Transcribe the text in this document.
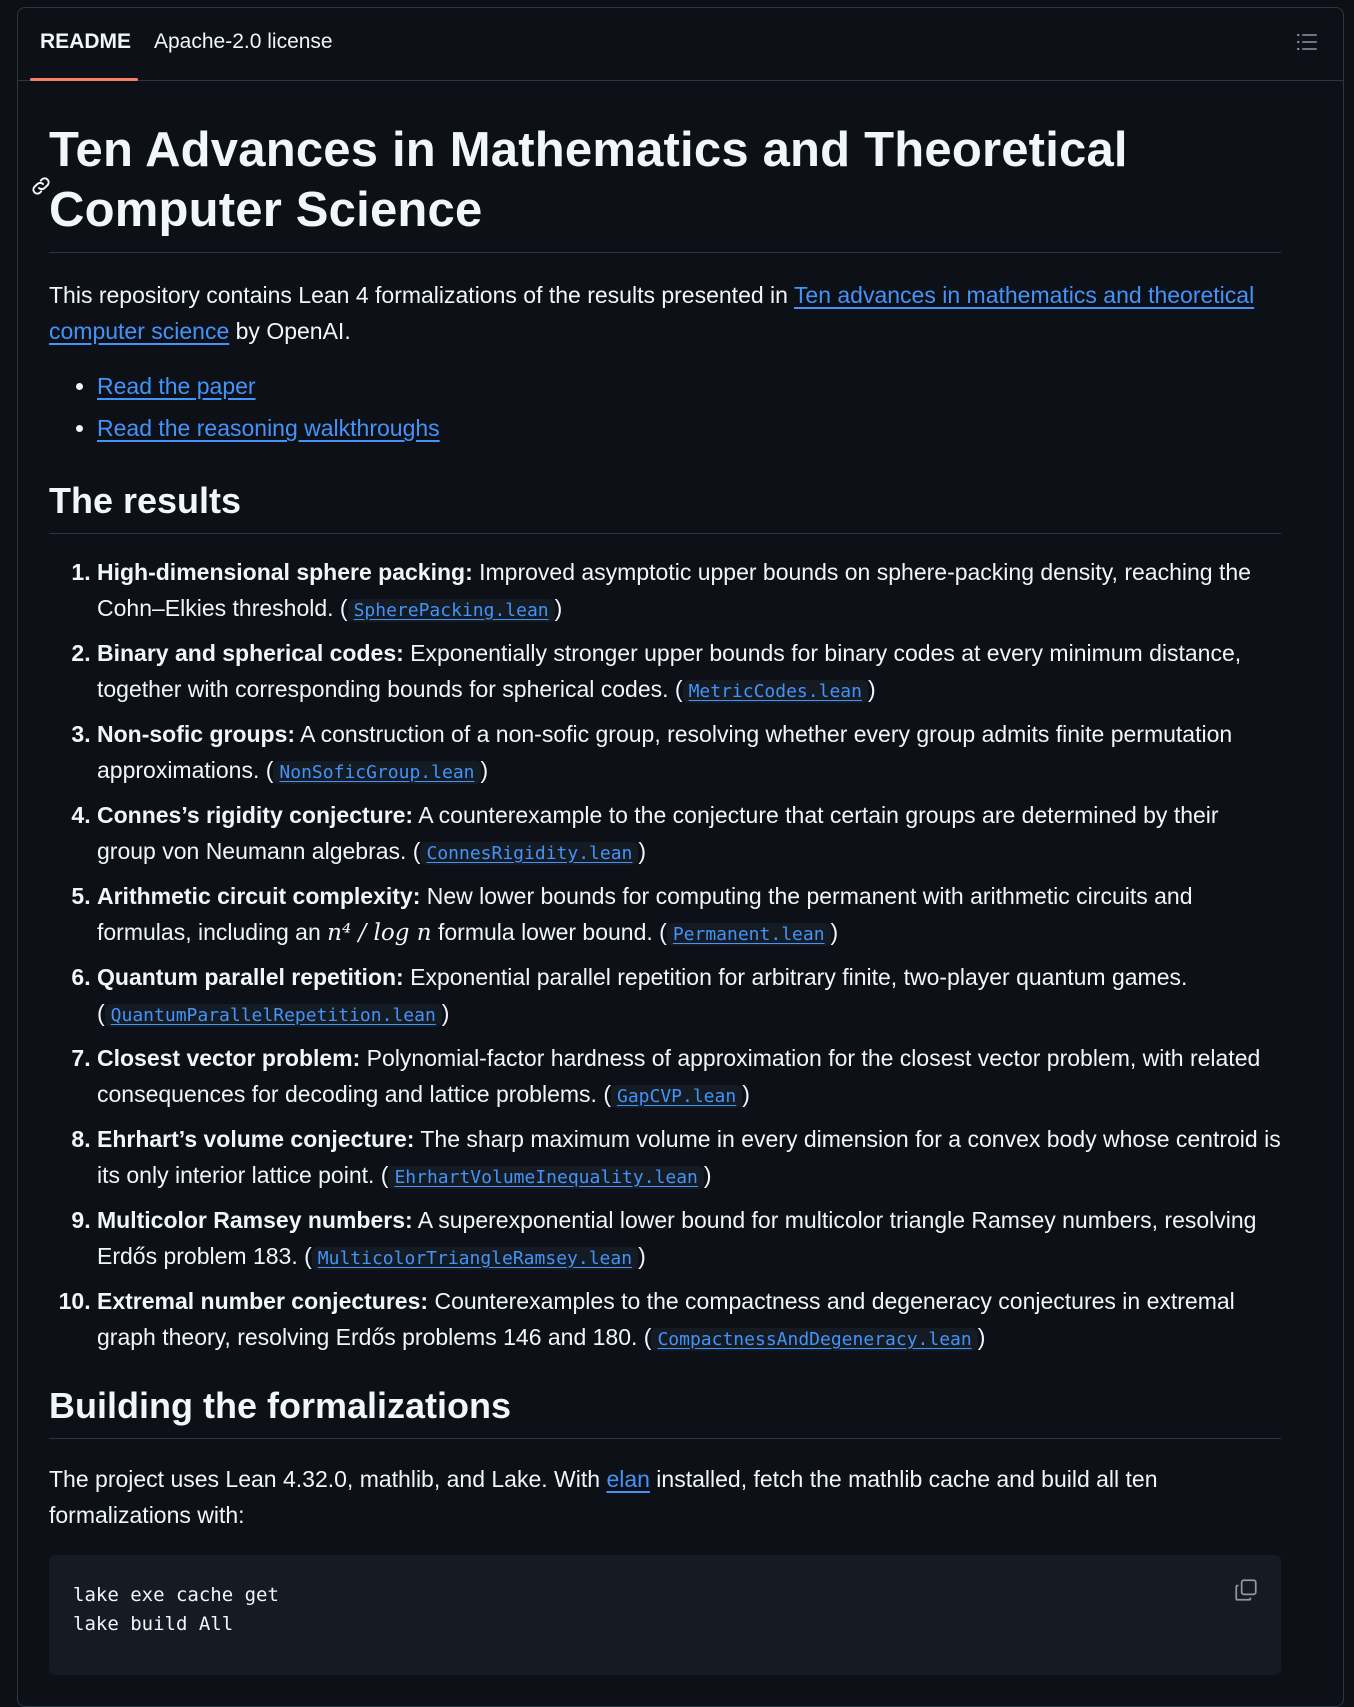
README Apache-2.0 license
Ten Advances in Mathematics and Theoretical Computer Science

This repository contains Lean 4 formalizations of the results presented in Ten advances in mathematics and theoretical computer science by OpenAI.

• Read the paper
• Read the reasoning walkthroughs
The results
1. High-dimensional sphere packing: Improved asymptotic upper bounds on sphere-packing density, reaching the Cohn–Elkies threshold. ( SpherePacking.lean )
2. Binary and spherical codes: Exponentially stronger upper bounds for binary codes at every minimum distance, together with corresponding bounds for spherical codes. ( MetricCodes.lean )
3. Non-sofic groups: A construction of a non-sofic group, resolving whether every group admits finite permutation approximations. ( NonSoficGroup.lean )
4. Connes’s rigidity conjecture: A counterexample to the conjecture that certain groups are determined by their group von Neumann algebras. ( ConnesRigidity.lean )
5. Arithmetic circuit complexity: New lower bounds for computing the permanent with arithmetic circuits and formulas, including an n⁴ / log n formula lower bound. ( Permanent.lean )
6. Quantum parallel repetition: Exponential parallel repetition for arbitrary finite, two-player quantum games. ( QuantumParallelRepetition.lean )
7. Closest vector problem: Polynomial-factor hardness of approximation for the closest vector problem, with related consequences for decoding and lattice problems. ( GapCVP.lean )
8. Ehrhart’s volume conjecture: The sharp maximum volume in every dimension for a convex body whose centroid is its only interior lattice point. ( EhrhartVolumeInequality.lean )
9. Multicolor Ramsey numbers: A superexponential lower bound for multicolor triangle Ramsey numbers, resolving Erdős problem 183. ( MulticolorTriangleRamsey.lean )
10. Extremal number conjectures: Counterexamples to the compactness and degeneracy conjectures in extremal graph theory, resolving Erdős problems 146 and 180. ( CompactnessAndDegeneracy.lean )
Building the formalizations

The project uses Lean 4.32.0, mathlib, and Lake. With elan installed, fetch the mathlib cache and build all ten formalizations with:

lake exe cache get
lake build All
